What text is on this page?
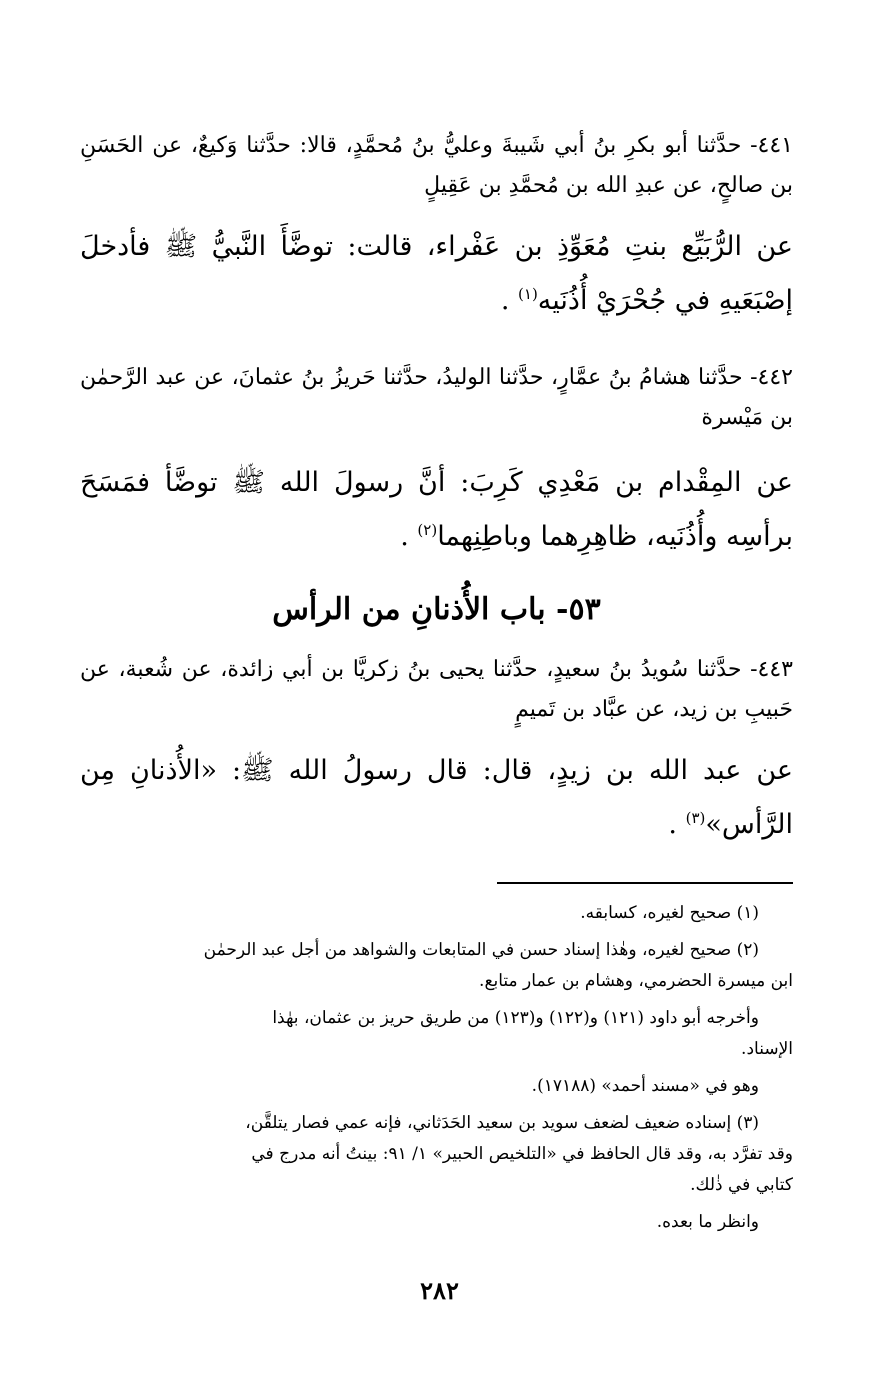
٤٤١- حدَّثنا أبو بكرِ بنُ أبي شَيبةَ وعليُّ بنُ مُحمَّدٍ، قالا: حدَّثنا وَكيعٌ، عن الحَسَنِ بن صالحٍ، عن عبدِ الله بن مُحمَّدِ بن عَقِيلٍ

عن الرُّبَيِّع بنتِ مُعَوِّذِ بن عَفْراء، قالت: توضَّأَ النَّبيُّ ﷺ فأدخلَ إصْبَعَيهِ في جُحْرَيْ أُذُنَيه$^{(١)}$ .

٤٤٢- حدَّثنا هشامُ بنُ عمَّارٍ، حدَّثنا الوليدُ، حدَّثنا حَريزُ بنُ عثمانَ، عن عبد الرَّحمٰن بن مَيْسرة

عن المِقْدام بن مَعْدِي كَرِبَ: أنَّ رسولَ الله ﷺ توضَّأ فمَسَحَ برأسِه وأُذُنَيه، ظاهِرِهما وباطِنِهما$^{(٢)}$ .

٥٣- باب الأُذنانِ من الرأس

٤٤٣- حدَّثنا سُويدُ بنُ سعيدٍ، حدَّثنا يحيى بنُ زكريَّا بن أبي زائدة، عن شُعبة، عن حَبيبِ بن زيد، عن عبَّاد بن تَميمٍ

عن عبد الله بن زيدٍ، قال: قال رسولُ الله ﷺ: «الأُذنانِ مِن الرَّأس»$^{(٣)}$ .

(١) صحيح لغيره، كسابقه.

(٢) صحيح لغيره، وهٰذا إسناد حسن في المتابعات والشواهد من أجل عبد الرحمٰن

ابن ميسرة الحضرمي، وهشام بن عمار متابع.

وأخرجه أبو داود (١٢١) و(١٢٢) و(١٢٣) من طريق حريز بن عثمان، بهٰذا

الإسناد.

وهو في «مسند أحمد» (١٧١٨٨).

(٣) إسناده ضعيف لضعف سويد بن سعيد الحَدَثاني، فإنه عمي فصار يتلقَّن،

وقد تفرَّد به، وقد قال الحافظ في «التلخيص الحبير» ١/ ٩١: بينتُ أنه مدرج في

كتابي في ذٰلك.

وانظر ما بعده.

٢٨٢
